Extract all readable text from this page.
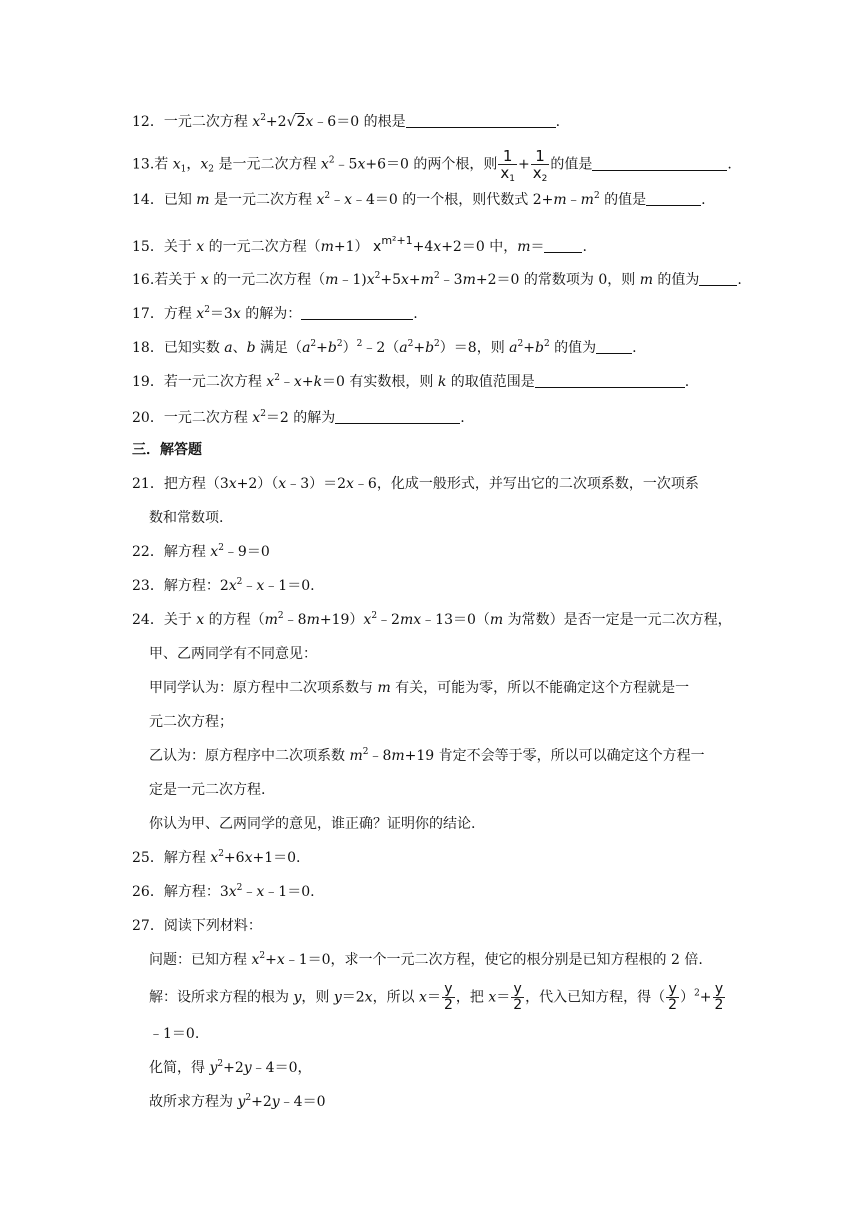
12．一元二次方程 $x^2+2√2x﹣6=0$ 的根是	.
13.若 $x_1$，$x_2$ 是一元二次方程 $x^2﹣5x+6=0$ 的两个根，则 $\frac{1}{x_1} + \frac{1}{x_2}$ 的值是	.
14．已知 m 是一元二次方程 $x^2﹣x﹣4=0$ 的一个根，则代数式 $2+m﹣m^2$ 的值是	.
15．关于 x 的一元二次方程（m+1） $x^{m^2+1}+4x+2=0$ 中，m＝	.
16.若关于 x 的一元二次方程$(m﹣1)x^2+5x+m^2﹣3m+2=0$ 的常数项为 0，则 m 的值为	.
17．方程 $x^2=3x$ 的解为：	.
18．已知实数 a、b 满足$(a^2+b^2)^2﹣2(a^2+b^2)=8$，则 $a^2+b^2$ 的值为	.
19．若一元二次方程 $x^2﹣x+k=0$ 有实数根，则 k 的取值范围是	.
20．一元二次方程 $x^2=2$ 的解为	.
三．解答题
21．把方程（3x+2）（x﹣3）＝2x﹣6，化成一般形式，并写出它的二次项系数，一次项系
数和常数项.
22．解方程 $x^2﹣9=0$
23．解方程：$2x^2﹣x﹣1=0$.
24．关于 x 的方程$(m^2﹣8m+19)x^2﹣2mx﹣13=0(m$ 为常数）是否一定是一元二次方程，
甲、乙两同学有不同意见：
甲同学认为：原方程中二次项系数与 m 有关，可能为零，所以不能确定这个方程就是一
元二次方程；
乙认为：原方程序中二次项系数 $m^2﹣8m+19$ 肯定不会等于零，所以可以确定这个方程一
定是一元二次方程.
你认为甲、乙两同学的意见，谁正确？证明你的结论.
25．解方程 $x^2+6x+1=0$.
26．解方程：$3x^2﹣x﹣1=0$.
27．阅读下列材料：
问题：已知方程 $x^2+x﹣1=0$，求一个一元二次方程，使它的根分别是已知方程根的 2 倍.
解：设所求方程的根为 y，则 y＝2x，所以 $x= \frac{y}{2}$ ，把 $x= \frac{y}{2}$ ，代入已知方程，得（ $\frac{y}{2} )^2+ \frac{y}{2}$
﹣1＝0.
化简，得 $y^2+2y﹣4=0$，
故所求方程为 $y^2+2y﹣4=0$
